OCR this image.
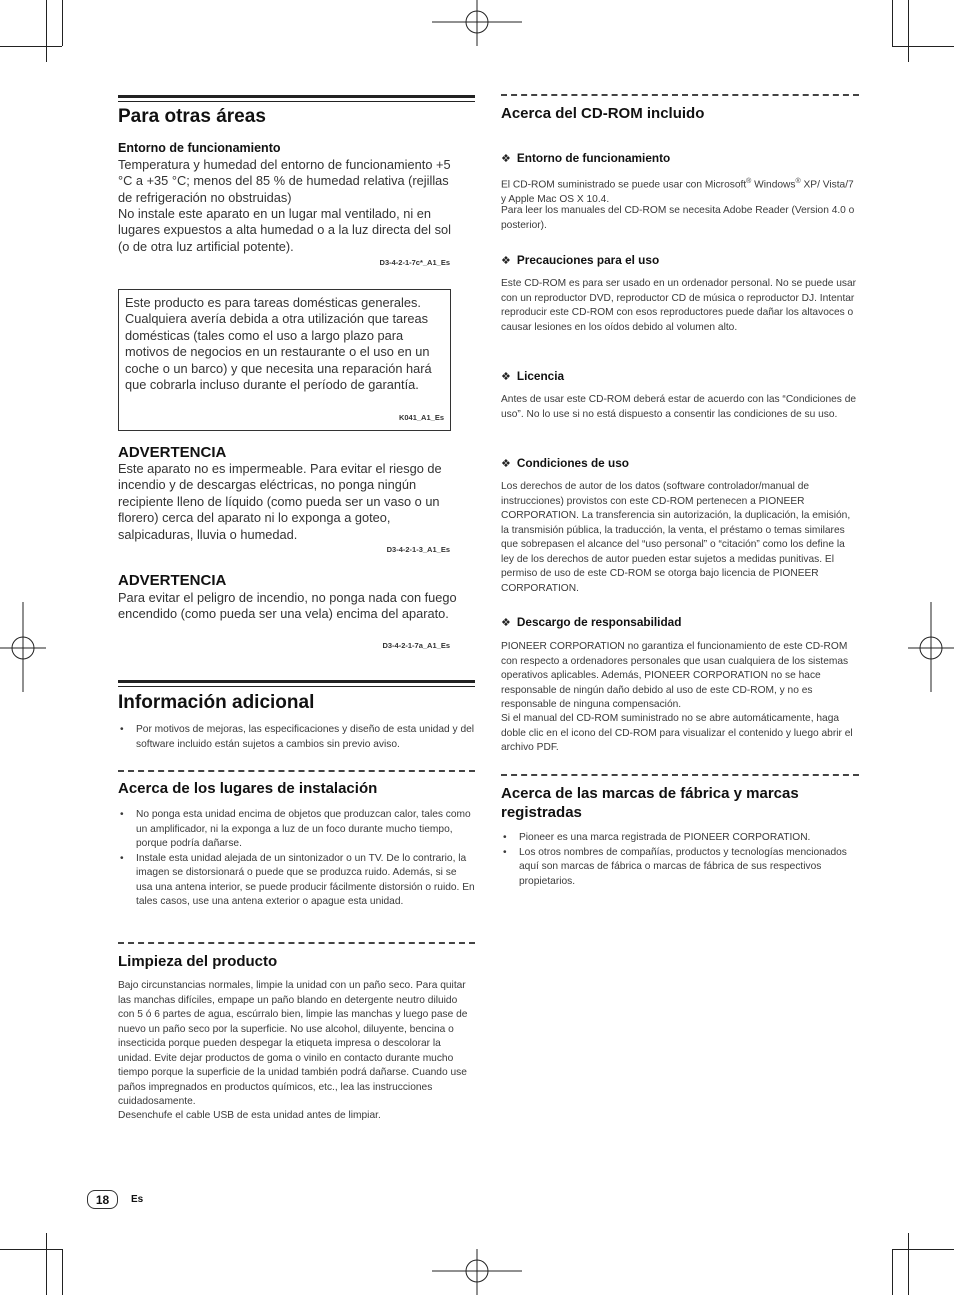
Para otras áreas
Entorno de funcionamiento
Temperatura y humedad del entorno de funcionamiento +5 °C a +35 °C; menos del 85 % de humedad relativa (rejillas de refrigeración no obstruidas)
No instale este aparato en un lugar mal ventilado, ni en lugares expuestos a alta humedad o a la luz directa del sol (o de otra luz artificial potente).
D3-4-2-1-7c*_A1_Es
Este producto es para tareas domésticas generales. Cualquiera avería debida a otra utilización que tareas domésticas (tales como el uso a largo plazo para motivos de negocios en un restaurante o el uso en un coche o un barco) y que necesita una reparación hará que cobrarla incluso durante el período de garantía.
K041_A1_Es
ADVERTENCIA
Este aparato no es impermeable. Para evitar el riesgo de incendio y de descargas eléctricas, no ponga ningún recipiente lleno de líquido (como pueda ser un vaso o un florero) cerca del aparato ni lo exponga a goteo, salpicaduras, lluvia o humedad.
D3-4-2-1-3_A1_Es
ADVERTENCIA
Para evitar el peligro de incendio, no ponga nada con fuego encendido (como pueda ser una vela) encima del aparato.
D3-4-2-1-7a_A1_Es
Información adicional
• Por motivos de mejoras, las especificaciones y diseño de esta unidad y del software incluido están sujetos a cambios sin previo aviso.
Acerca de los lugares de instalación
• No ponga esta unidad encima de objetos que produzcan calor, tales como un amplificador, ni la exponga a luz de un foco durante mucho tiempo, porque podría dañarse.
• Instale esta unidad alejada de un sintonizador o un TV. De lo contrario, la imagen se distorsionará o puede que se produzca ruido. Además, si se usa una antena interior, se puede producir fácilmente distorsión o ruido. En tales casos, use una antena exterior o apague esta unidad.
Limpieza del producto
Bajo circunstancias normales, limpie la unidad con un paño seco. Para quitar las manchas difíciles, empape un paño blando en detergente neutro diluido con 5 ó 6 partes de agua, escúrralo bien, limpie las manchas y luego pase de nuevo un paño seco por la superficie. No use alcohol, diluyente, bencina o insecticida porque pueden despegar la etiqueta impresa o descolorar la unidad. Evite dejar productos de goma o vinilo en contacto durante mucho tiempo porque la superficie de la unidad también podrá dañarse. Cuando use paños impregnados en productos químicos, etc., lea las instrucciones cuidadosamente.
Desenchufe el cable USB de esta unidad antes de limpiar.
Acerca del CD-ROM incluido
❖ Entorno de funcionamiento
El CD-ROM suministrado se puede usar con Microsoft® Windows® XP/ Vista/7 y Apple Mac OS X 10.4.
Para leer los manuales del CD-ROM se necesita Adobe Reader (Version 4.0 o posterior).
❖ Precauciones para el uso
Este CD-ROM es para ser usado en un ordenador personal. No se puede usar con un reproductor DVD, reproductor CD de música o reproductor DJ. Intentar reproducir este CD-ROM con esos reproductores puede dañar los altavoces o causar lesiones en los oídos debido al volumen alto.
❖ Licencia
Antes de usar este CD-ROM deberá estar de acuerdo con las “Condiciones de uso”. No lo use si no está dispuesto a consentir las condiciones de su uso.
❖ Condiciones de uso
Los derechos de autor de los datos (software controlador/manual de instrucciones) provistos con este CD-ROM pertenecen a PIONEER CORPORATION. La transferencia sin autorización, la duplicación, la emisión, la transmisión pública, la traducción, la venta, el préstamo o temas similares que sobrepasen el alcance del “uso personal” o “citación” como los define la ley de los derechos de autor pueden estar sujetos a medidas punitivas. El permiso de uso de este CD-ROM se otorga bajo licencia de PIONEER CORPORATION.
❖ Descargo de responsabilidad
PIONEER CORPORATION no garantiza el funcionamiento de este CD-ROM con respecto a ordenadores personales que usan cualquiera de los sistemas operativos aplicables. Además, PIONEER CORPORATION no se hace responsable de ningún daño debido al uso de este CD-ROM, y no es responsable de ninguna compensación.
Si el manual del CD-ROM suministrado no se abre automáticamente, haga doble clic en el icono del CD-ROM para visualizar el contenido y luego abrir el archivo PDF.
Acerca de las marcas de fábrica y marcas registradas
• Pioneer es una marca registrada de PIONEER CORPORATION.
• Los otros nombres de compañías, productos y tecnologías mencionados aquí son marcas de fábrica o marcas de fábrica de sus respectivos propietarios.
18	Es
